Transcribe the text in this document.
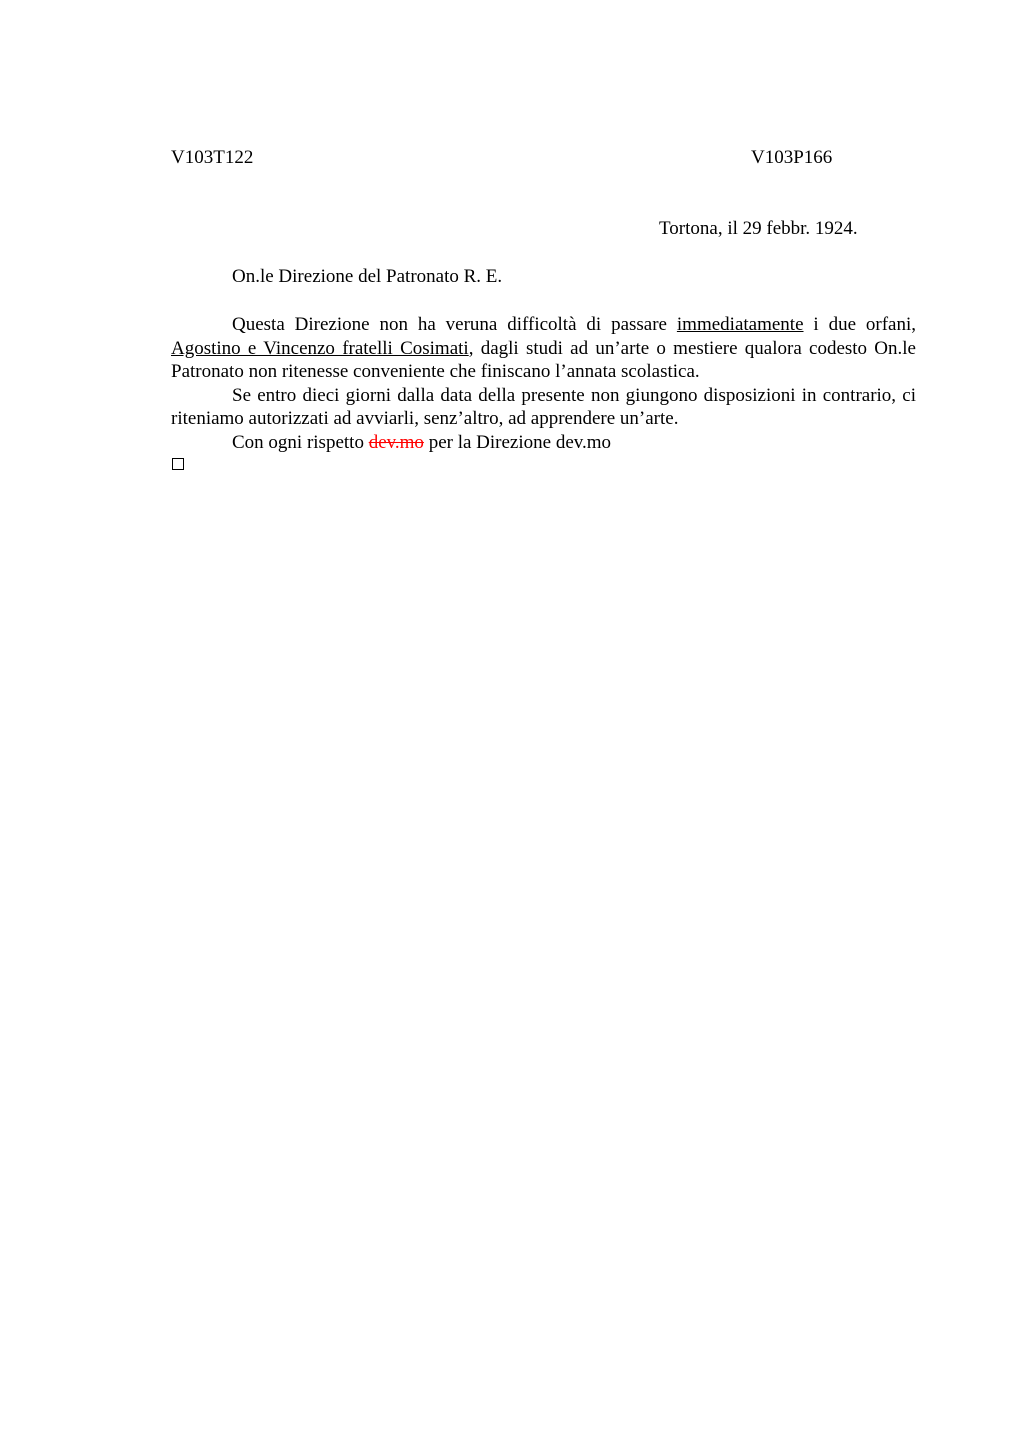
V103T122	V103P166
Tortona, il 29 febbr. 1924.
On.le Direzione del Patronato R. E.

Questa Direzione non ha veruna difficoltà di passare immediatamente i due orfani, Agostino e Vincenzo fratelli Cosimati, dagli studi ad un’arte o mestiere qualora codesto On.le Patronato non ritenesse conveniente che finiscano l’annata scolastica.

Se entro dieci giorni dalla data della presente non giungono disposizioni in contrario, ci riteniamo autorizzati ad avviarli, senz’altro, ad apprendere un’arte.

Con ogni rispetto dev.mo per la Direzione dev.mo
